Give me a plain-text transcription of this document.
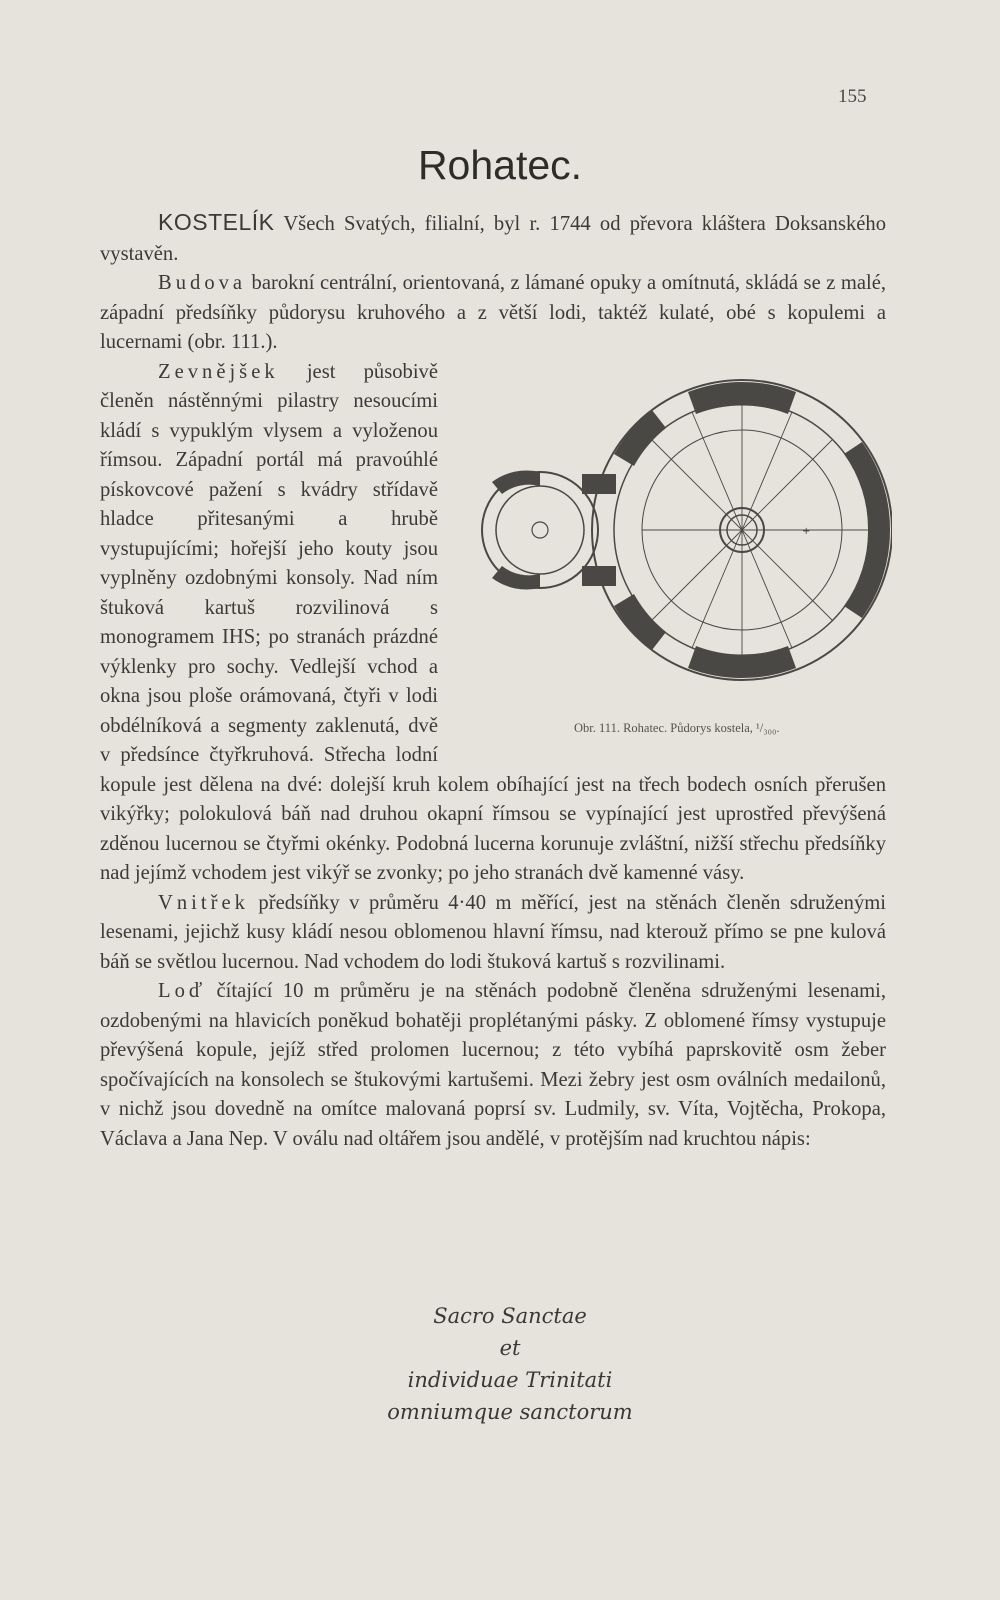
155
Rohatec.

KOSTELÍK Všech Svatých, filialní, byl r. 1744 od převora kláštera Doksanského vystavěn.

Budova barokní centrální, orientovaná, z lámané opuky a omítnutá, skládá se z malé, západní předsíňky půdorysu kruhového a z větší lodi, taktéž kulaté, obé s kopulemi a lucernami (obr. 111.).

+
Obr. 111. Rohatec. Půdorys kostela, ¹/₃₀₀.
Zevnějšek jest působivě členěn nástěnnými pilastry nesoucími kládí s vypuklým vlysem a vyloženou římsou. Západní portál má pravoúhlé pískovcové pažení s kvádry střídavě hladce přitesanými a hrubě vystupujícími; hořejší jeho kouty jsou vyplněny ozdobnými konsoly. Nad ním štuková kartuš rozvilinová s monogramem IHS; po stranách prázdné výklenky pro sochy. Vedlejší vchod a okna jsou ploše orámovaná, čtyři v lodi obdélníková a segmenty zaklenutá, dvě v předsínce čtyřkruhová. Střecha lodní kopule jest dělena na dvé: dolejší kruh kolem obíhající jest na třech bodech osních přerušen vikýřky; polokulová báň nad druhou okapní římsou se vypínající jest uprostřed převýšená zděnou lucernou se čtyřmi okénky. Podobná lucerna korunuje zvláštní, nižší střechu předsíňky nad jejímž vchodem jest vikýř se zvonky; po jeho stranách dvě kamenné vásy.

Vnitřek předsíňky v průměru 4·40 m měřící, jest na stěnách členěn sdruženými lesenami, jejichž kusy kládí nesou oblomenou hlavní římsu, nad kterouž přímo se pne kulová báň se světlou lucernou. Nad vchodem do lodi štuková kartuš s rozvilinami.

Loď čítající 10 m průměru je na stěnách podobně členěna sdruženými lesenami, ozdobenými na hlavicích poněkud bohatěji proplétanými pásky. Z oblomené římsy vystupuje převýšená kopule, jejíž střed prolomen lucernou; z této vybíhá paprskovitě osm žeber spočívajících na konsolech se štukovými kartušemi. Mezi žebry jest osm oválních medailonů, v nichž jsou dovedně na omítce malovaná poprsí sv. Ludmily, sv. Víta, Vojtěcha, Prokopa, Václava a Jana Nep. V oválu nad oltářem jsou andělé, v protějším nad kruchtou nápis:

Sacro Sanctae
et
individuae Trinitati
omniumque sanctorum
